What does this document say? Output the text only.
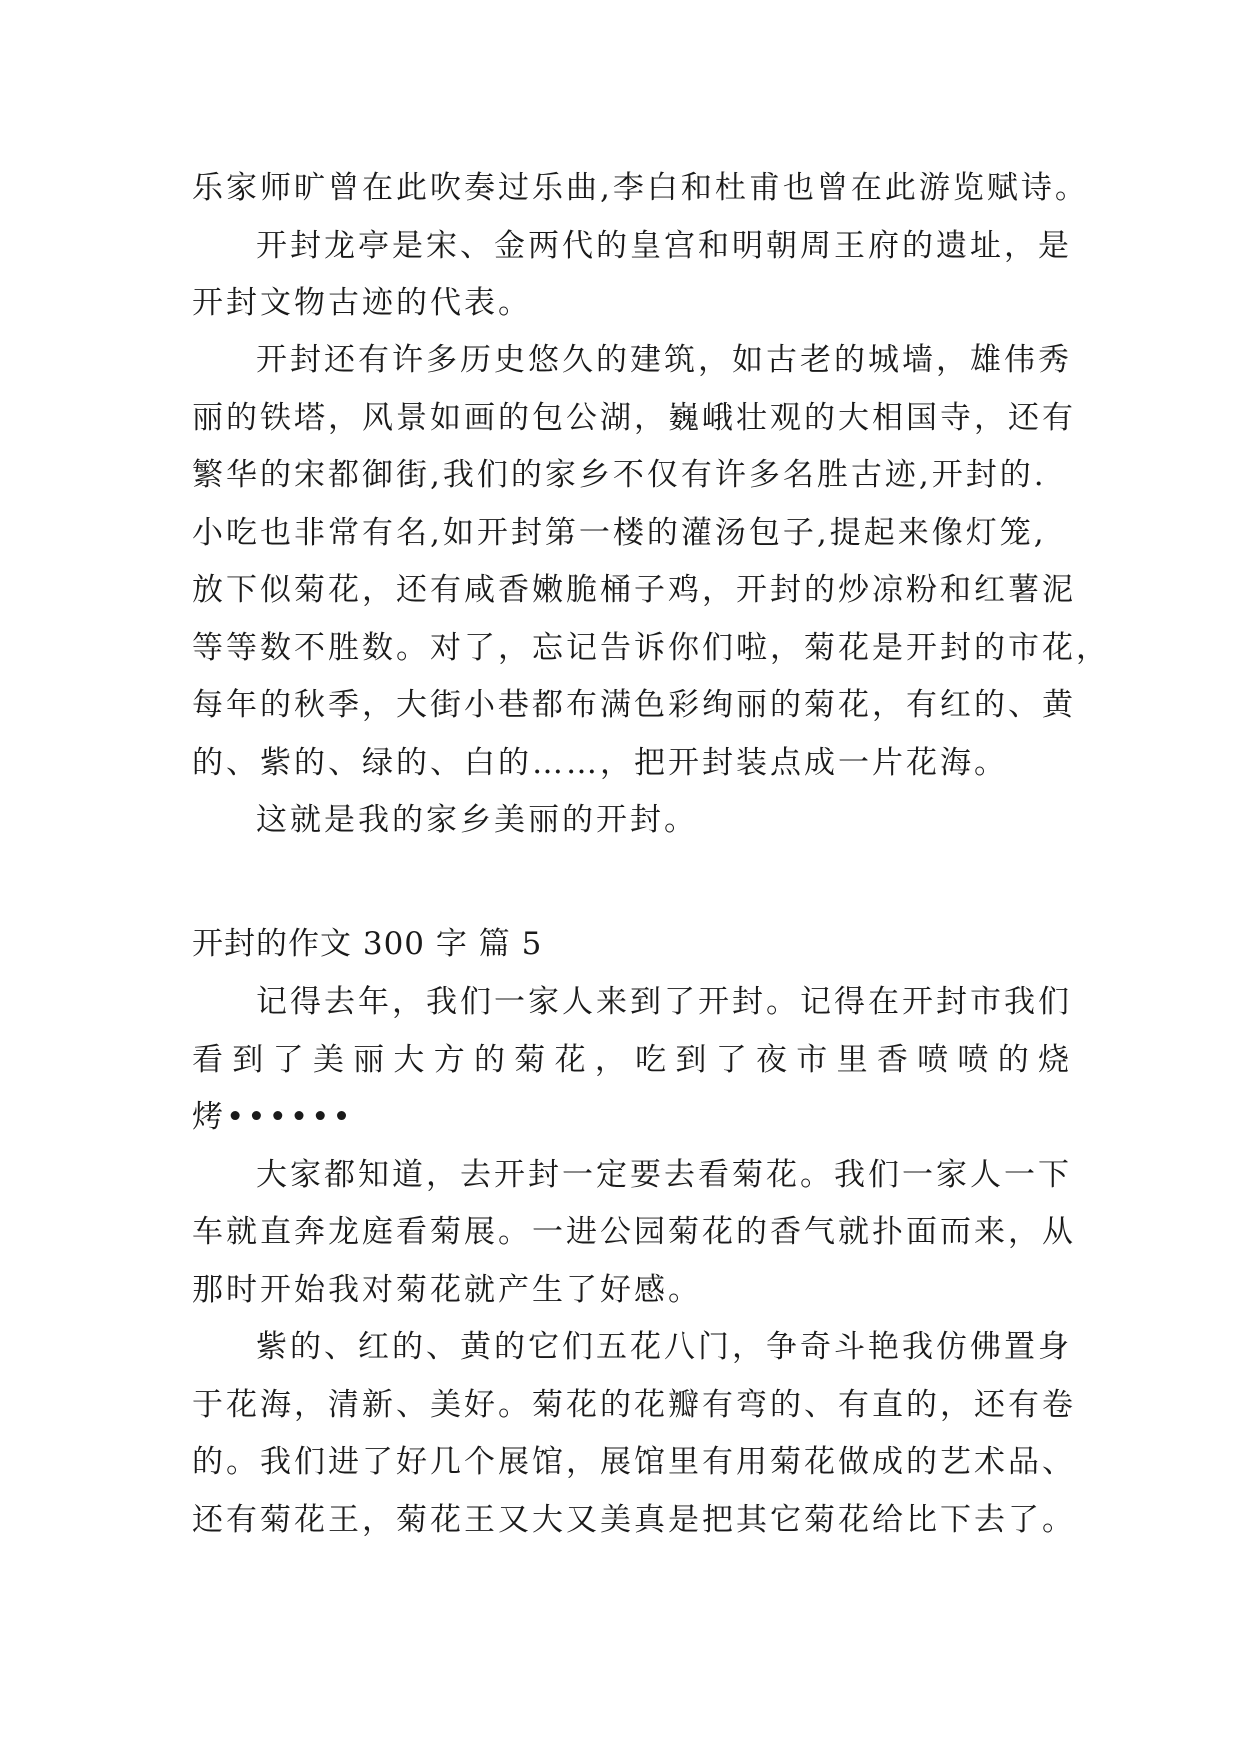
乐家师旷曾在此吹奏过乐曲,李白和杜甫也曾在此游览赋诗。
开封龙亭是宋、金两代的皇宫和明朝周王府的遗址，是
开封文物古迹的代表。
开封还有许多历史悠久的建筑，如古老的城墙，雄伟秀
丽的铁塔，风景如画的包公湖，巍峨壮观的大相国寺，还有
繁华的宋都御街,我们的家乡不仅有许多名胜古迹,开封的.
小吃也非常有名,如开封第一楼的灌汤包子,提起来像灯笼,
放下似菊花，还有咸香嫩脆桶子鸡，开封的炒凉粉和红薯泥
等等数不胜数。对了，忘记告诉你们啦，菊花是开封的市花，
每年的秋季，大街小巷都布满色彩绚丽的菊花，有红的、黄
的、紫的、绿的、白的……，把开封装点成一片花海。
这就是我的家乡美丽的开封。
开封的作文 300 字 篇 5
记得去年，我们一家人来到了开封。记得在开封市我们
看到了美丽大方的菊花，吃到了夜市里香喷喷的烧
烤••••••
大家都知道，去开封一定要去看菊花。我们一家人一下
车就直奔龙庭看菊展。一进公园菊花的香气就扑面而来，从
那时开始我对菊花就产生了好感。
紫的、红的、黄的它们五花八门，争奇斗艳我仿佛置身
于花海，清新、美好。菊花的花瓣有弯的、有直的，还有卷
的。我们进了好几个展馆，展馆里有用菊花做成的艺术品、
还有菊花王，菊花王又大又美真是把其它菊花给比下去了。
